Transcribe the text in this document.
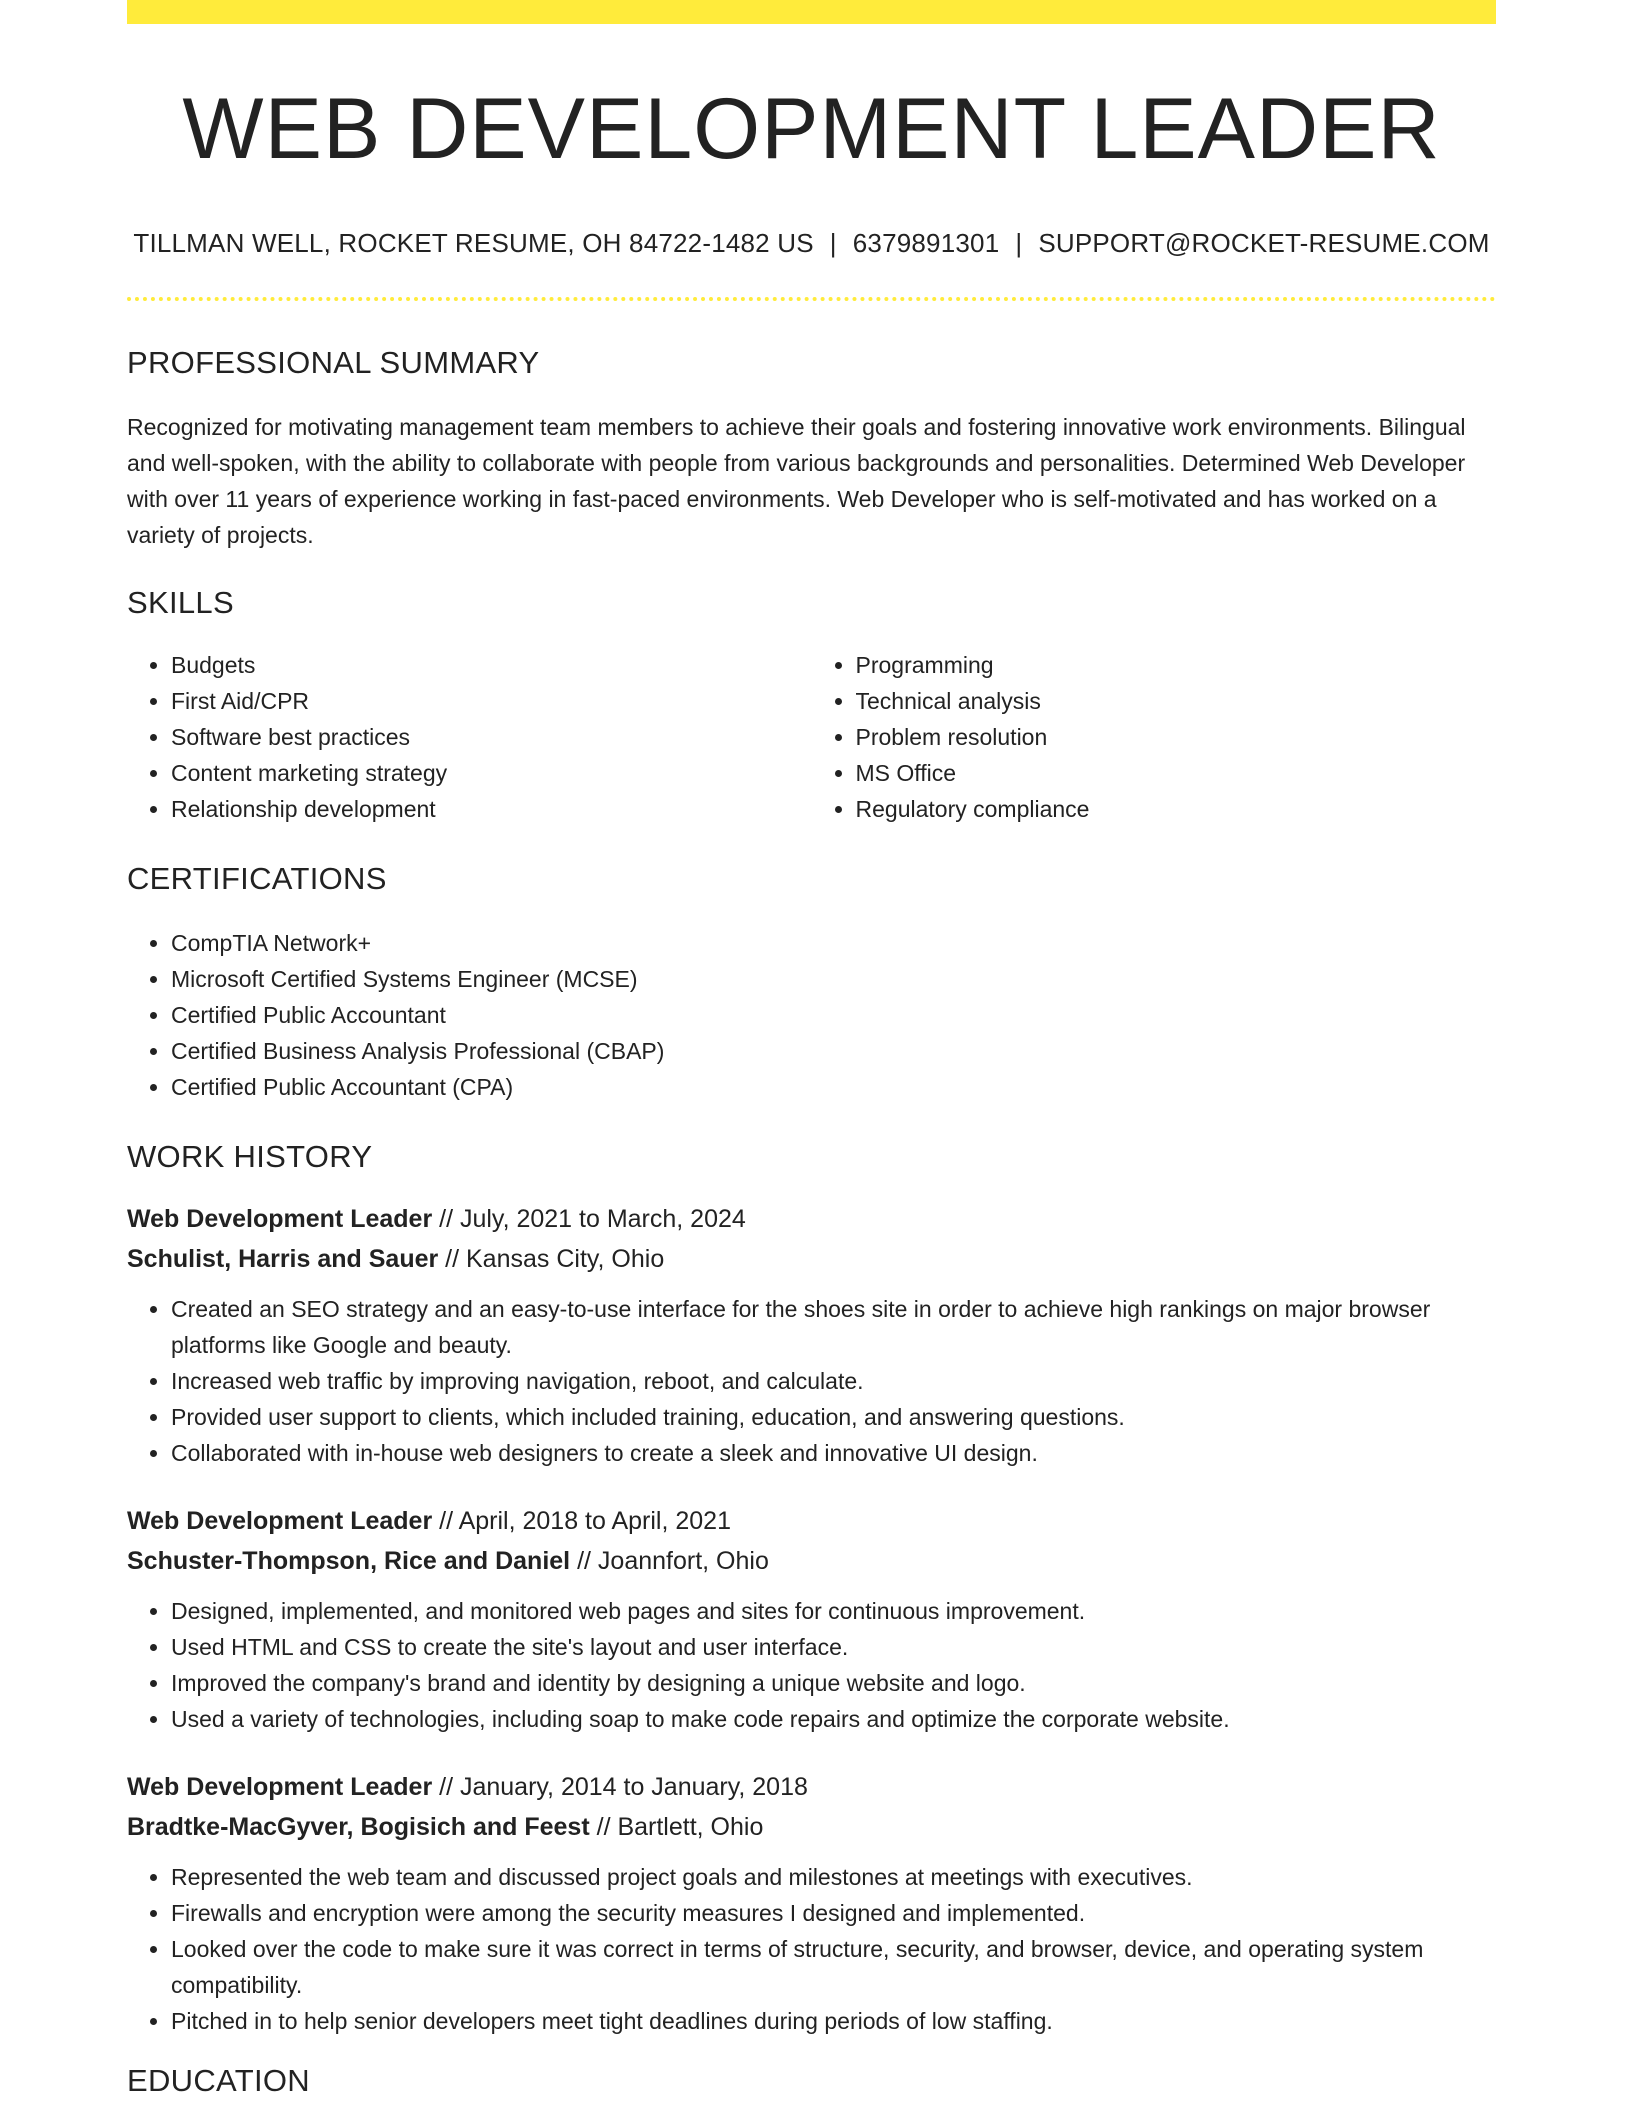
WEB DEVELOPMENT LEADER
TILLMAN WELL, ROCKET RESUME, OH 84722-1482 US | 6379891301 | SUPPORT@ROCKET-RESUME.COM
PROFESSIONAL SUMMARY

Recognized for motivating management team members to achieve their goals and fostering innovative work environments. Bilingual and well-spoken, with the ability to collaborate with people from various backgrounds and personalities. Determined Web Developer with over 11 years of experience working in fast-paced environments. Web Developer who is self-motivated and has worked on a variety of projects.

SKILLS
• Budgets
• First Aid/CPR
• Software best practices
• Content marketing strategy
• Relationship development
• Programming
• Technical analysis
• Problem resolution
• MS Office
• Regulatory compliance
CERTIFICATIONS
• CompTIA Network+
• Microsoft Certified Systems Engineer (MCSE)
• Certified Public Accountant
• Certified Business Analysis Professional (CBAP)
• Certified Public Accountant (CPA)
WORK HISTORY
Web Development Leader // July, 2021 to March, 2024
Schulist, Harris and Sauer // Kansas City, Ohio
• Created an SEO strategy and an easy-to-use interface for the shoes site in order to achieve high rankings on major browser platforms like Google and beauty.
• Increased web traffic by improving navigation, reboot, and calculate.
• Provided user support to clients, which included training, education, and answering questions.
• Collaborated with in-house web designers to create a sleek and innovative UI design.
Web Development Leader // April, 2018 to April, 2021
Schuster-Thompson, Rice and Daniel // Joannfort, Ohio
• Designed, implemented, and monitored web pages and sites for continuous improvement.
• Used HTML and CSS to create the site's layout and user interface.
• Improved the company's brand and identity by designing a unique website and logo.
• Used a variety of technologies, including soap to make code repairs and optimize the corporate website.
Web Development Leader // January, 2014 to January, 2018
Bradtke-MacGyver, Bogisich and Feest // Bartlett, Ohio
• Represented the web team and discussed project goals and milestones at meetings with executives.
• Firewalls and encryption were among the security measures I designed and implemented.
• Looked over the code to make sure it was correct in terms of structure, security, and browser, device, and operating system compatibility.
• Pitched in to help senior developers meet tight deadlines during periods of low staffing.
EDUCATION
